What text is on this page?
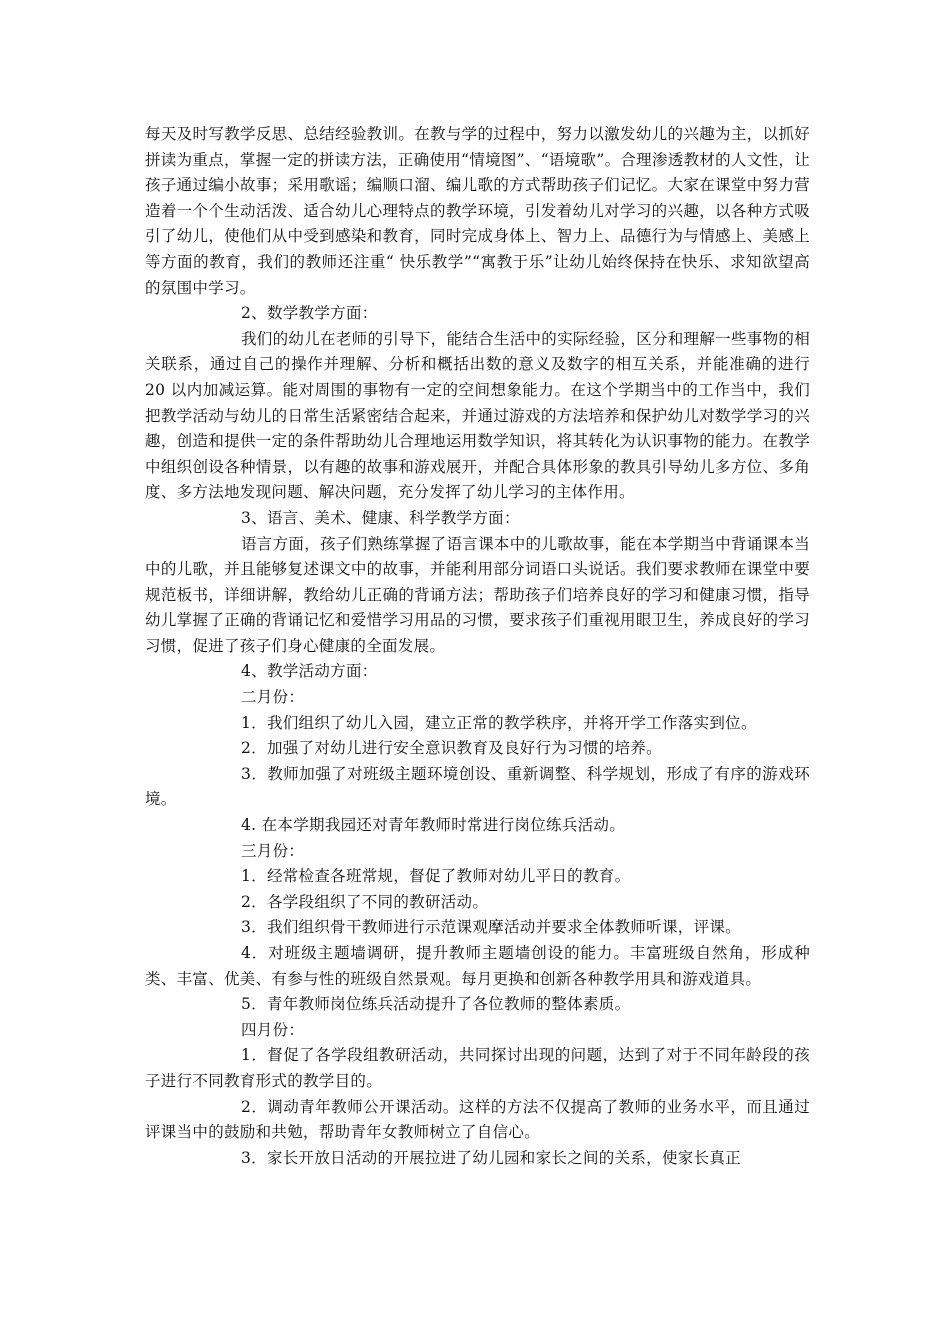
每天及时写教学反思、总结经验教训。在教与学的过程中，努力以激发幼儿的兴趣为主，以抓好拼读为重点，掌握一定的拼读方法，正确使用“情境图”、“语境歌”。合理渗透教材的人文性，让孩子通过编小故事；采用歌谣；编顺口溜、编儿歌的方式帮助孩子们记忆。大家在课堂中努力营造着一个个生动活泼、适合幼儿心理特点的教学环境，引发着幼儿对学习的兴趣，以各种方式吸引了幼儿，使他们从中受到感染和教育，同时完成身体上、智力上、品德行为与情感上、美感上等方面的教育，我们的教师还注重“ 快乐教学”“寓教于乐”让幼儿始终保持在快乐、求知欲望高的氛围中学习。

2、数学教学方面：

我们的幼儿在老师的引导下，能结合生活中的实际经验，区分和理解一些事物的相关联系，通过自己的操作并理解、分析和概括出数的意义及数字的相互关系，并能准确的进行 20 以内加减运算。能对周围的事物有一定的空间想象能力。在这个学期当中的工作当中，我们把教学活动与幼儿的日常生活紧密结合起来，并通过游戏的方法培养和保护幼儿对数学学习的兴趣，创造和提供一定的条件帮助幼儿合理地运用数学知识，将其转化为认识事物的能力。在教学中组织创设各种情景，以有趣的故事和游戏展开，并配合具体形象的教具引导幼儿多方位、多角度、多方法地发现问题、解决问题，充分发挥了幼儿学习的主体作用。

3、语言、美术、健康、科学教学方面：

语言方面，孩子们熟练掌握了语言课本中的儿歌故事，能在本学期当中背诵课本当中的儿歌，并且能够复述课文中的故事，并能利用部分词语口头说话。我们要求教师在课堂中要规范板书，详细讲解，教给幼儿正确的背诵方法；帮助孩子们培养良好的学习和健康习惯，指导幼儿掌握了正确的背诵记忆和爱惜学习用品的习惯，要求孩子们重视用眼卫生，养成良好的学习习惯，促进了孩子们身心健康的全面发展。

4、教学活动方面：

二月份：

1．我们组织了幼儿入园，建立正常的教学秩序，并将开学工作落实到位。

2．加强了对幼儿进行安全意识教育及良好行为习惯的培养。

3．教师加强了对班级主题环境创设、重新调整、科学规划，形成了有序的游戏环境。

4. 在本学期我园还对青年教师时常进行岗位练兵活动。

三月份：

1．经常检查各班常规，督促了教师对幼儿平日的教育。

2．各学段组织了不同的教研活动。

3．我们组织骨干教师进行示范课观摩活动并要求全体教师听课，评课。

4．对班级主题墙调研，提升教师主题墙创设的能力。丰富班级自然角，形成种类、丰富、优美、有参与性的班级自然景观。每月更换和创新各种教学用具和游戏道具。

5．青年教师岗位练兵活动提升了各位教师的整体素质。

四月份：

1．督促了各学段组教研活动，共同探讨出现的问题，达到了对于不同年龄段的孩子进行不同教育形式的教学目的。

2．调动青年教师公开课活动。这样的方法不仅提高了教师的业务水平，而且通过评课当中的鼓励和共勉，帮助青年女教师树立了自信心。

3．家长开放日活动的开展拉进了幼儿园和家长之间的关系，使家长真正
